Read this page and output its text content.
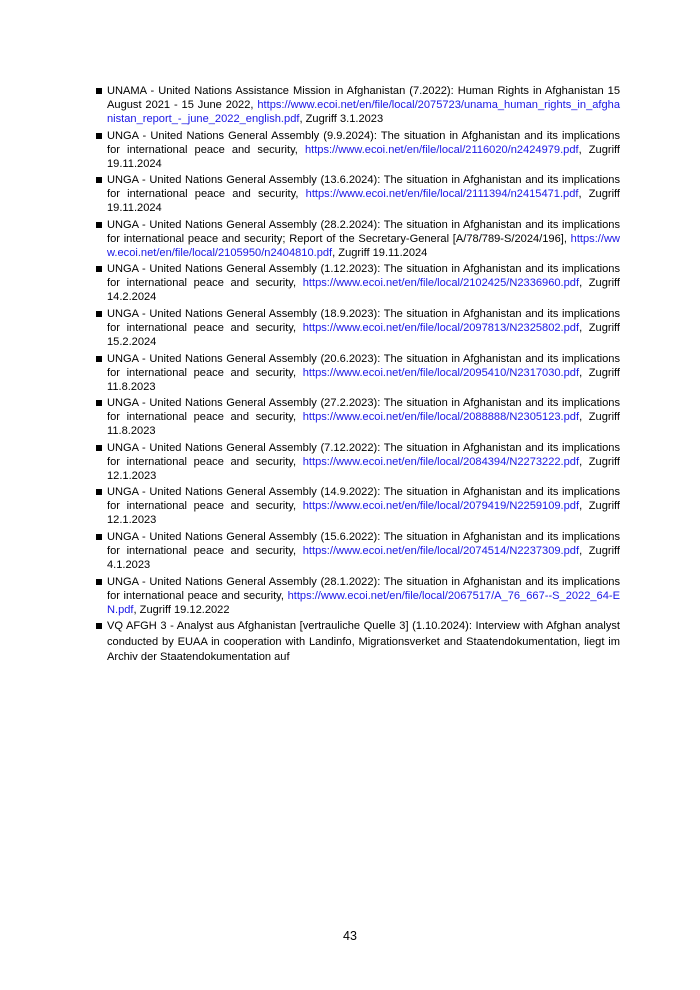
UNAMA - United Nations Assistance Mission in Afghanistan (7.2022): Human Rights in Afghanistan 15 August 2021 - 15 June 2022, https://www.ecoi.net/en/file/local/2075723/unama_human_rights_in_afghanistan_report_-_june_2022_english.pdf, Zugriff 3.1.2023
UNGA - United Nations General Assembly (9.9.2024): The situation in Afghanistan and its implications for international peace and security, https://www.ecoi.net/en/file/local/2116020/n2424979.pdf, Zugriff 19.11.2024
UNGA - United Nations General Assembly (13.6.2024): The situation in Afghanistan and its implications for international peace and security, https://www.ecoi.net/en/file/local/2111394/n2415471.pdf, Zugriff 19.11.2024
UNGA - United Nations General Assembly (28.2.2024): The situation in Afghanistan and its implications for international peace and security; Report of the Secretary-General [A/78/789-S/2024/196], https://www.ecoi.net/en/file/local/2105950/n2404810.pdf, Zugriff 19.11.2024
UNGA - United Nations General Assembly (1.12.2023): The situation in Afghanistan and its implications for international peace and security, https://www.ecoi.net/en/file/local/2102425/N2336960.pdf, Zugriff 14.2.2024
UNGA - United Nations General Assembly (18.9.2023): The situation in Afghanistan and its implications for international peace and security, https://www.ecoi.net/en/file/local/2097813/N2325802.pdf, Zugriff 15.2.2024
UNGA - United Nations General Assembly (20.6.2023): The situation in Afghanistan and its implications for international peace and security, https://www.ecoi.net/en/file/local/2095410/N2317030.pdf, Zugriff 11.8.2023
UNGA - United Nations General Assembly (27.2.2023): The situation in Afghanistan and its implications for international peace and security, https://www.ecoi.net/en/file/local/2088888/N2305123.pdf, Zugriff 11.8.2023
UNGA - United Nations General Assembly (7.12.2022): The situation in Afghanistan and its implications for international peace and security, https://www.ecoi.net/en/file/local/2084394/N2273222.pdf, Zugriff 12.1.2023
UNGA - United Nations General Assembly (14.9.2022): The situation in Afghanistan and its implications for international peace and security, https://www.ecoi.net/en/file/local/2079419/N2259109.pdf, Zugriff 12.1.2023
UNGA - United Nations General Assembly (15.6.2022): The situation in Afghanistan and its implications for international peace and security, https://www.ecoi.net/en/file/local/2074514/N2237309.pdf, Zugriff 4.1.2023
UNGA - United Nations General Assembly (28.1.2022): The situation in Afghanistan and its implications for international peace and security, https://www.ecoi.net/en/file/local/2067517/A_76_667--S_2022_64-EN.pdf, Zugriff 19.12.2022
VQ AFGH 3 - Analyst aus Afghanistan [vertrauliche Quelle 3] (1.10.2024): Interview with Afghan analyst conducted by EUAA in cooperation with Landinfo, Migrationsverket and Staatendokumentation, liegt im Archiv der Staatendokumentation auf
43
